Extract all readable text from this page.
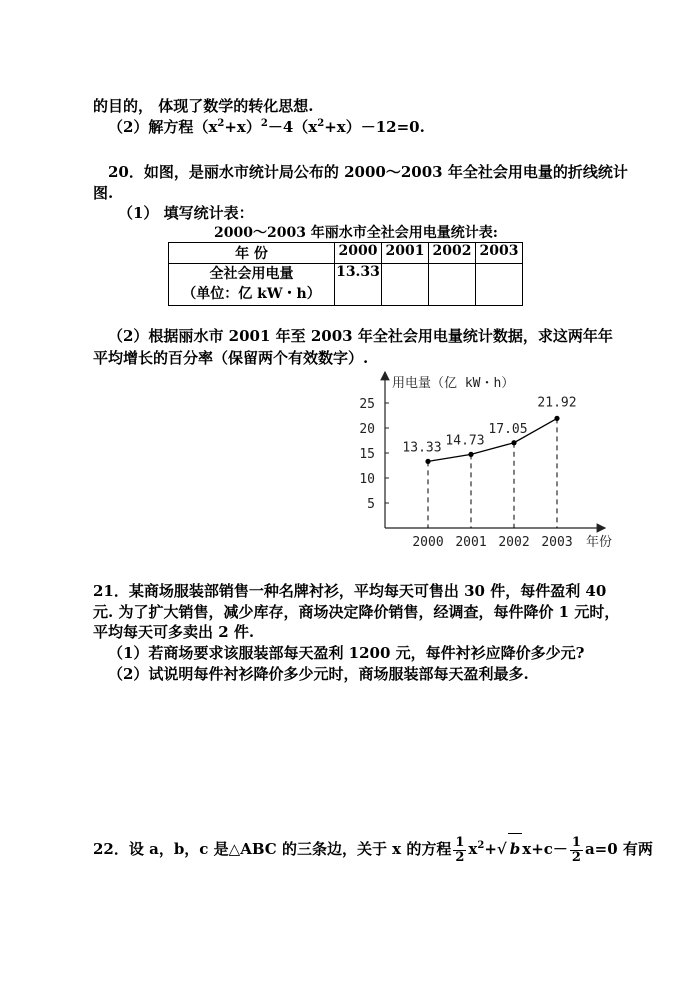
的目的， 体现了数学的转化思想.
（2）解方程$(x^2+x)^2-4(x^2+x)-12=0$.
20．如图，是丽水市统计局公布的 2000～2003 年全社会用电量的折线统计
图.
（1） 填写统计表：
2000～2003 年丽水市全社会用电量统计表:
年 份	2000	2001	2002	2003

全社会用电量
（单位：亿 kW・h）	13.33			
（2）根据丽水市 2001 年至 2003 年全社会用电量统计数据，求这两年年
平均增长的百分率（保留两个有效数字）.
用电量（亿 kW・h）
年份
5
10
15
20
25
2000 2001 2002 2003
13.33 14.73
17.05
21.92
21．某商场服装部销售一种名牌衬衫，平均每天可售出 30 件，每件盈利 40
元. 为了扩大销售，减少库存，商场决定降价销售，经调查，每件降价 1 元时，
平均每天可多卖出 2 件.
（1）若商场要求该服装部每天盈利 1200 元，每件衬衫应降价多少元?
（2）试说明每件衬衫降价多少元时，商场服装部每天盈利最多.
22．设 a，b，c 是△ABC 的三条边，关于 x 的方程 $\frac{1}{2} x^2+√$ b $x+c- \frac{1}{2} a=0$ 有两
